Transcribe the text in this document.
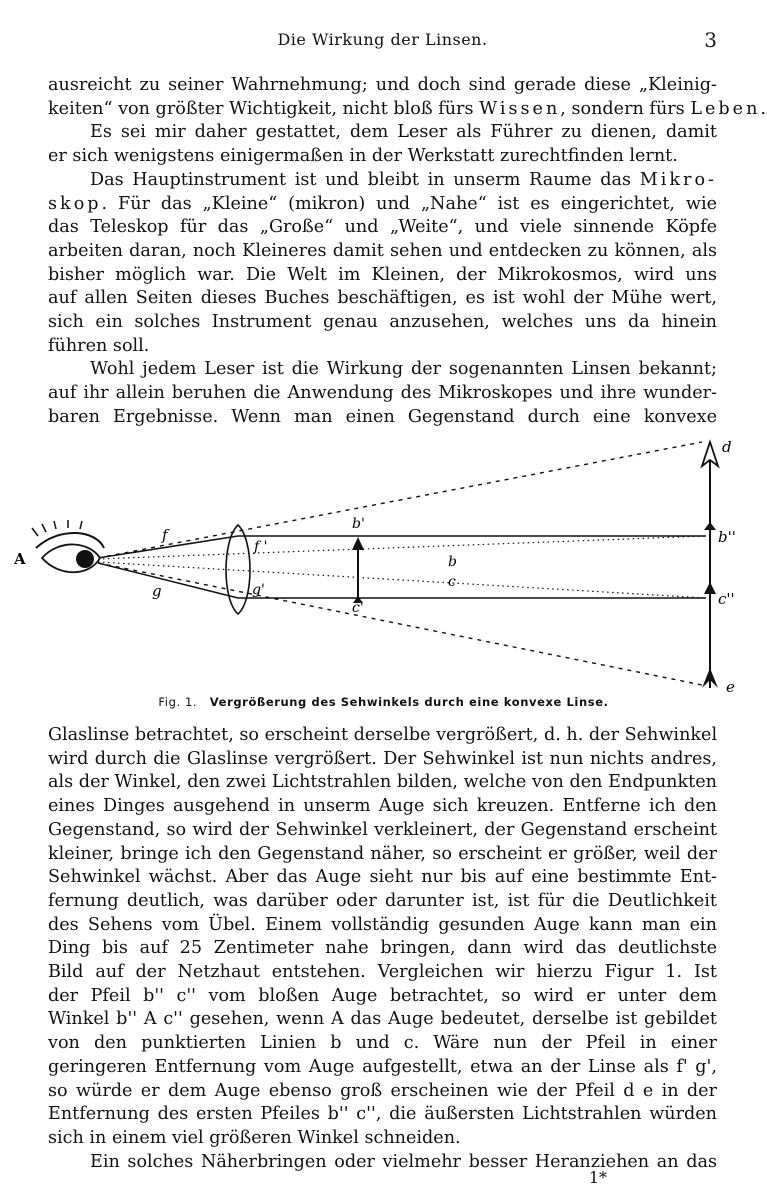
Die Wirkung der Linsen.	3

ausreicht zu seiner Wahrnehmung; und doch sind gerade diese „Kleinig-
keiten“ von größter Wichtigkeit, nicht bloß fürs Wissen, sondern fürs Leben.

Es sei mir daher gestattet, dem Leser als Führer zu dienen, damit
er sich wenigstens einigermaßen in der Werkstatt zurechtfinden lernt.

Das Hauptinstrument ist und bleibt in unserm Raume das Mikro-
skop. Für das „Kleine“ (mikron) und „Nahe“ ist es eingerichtet, wie
das Teleskop für das „Große“ und „Weite“, und viele sinnende Köpfe
arbeiten daran, noch Kleineres damit sehen und entdecken zu können, als
bisher möglich war. Die Welt im Kleinen, der Mikrokosmos, wird uns
auf allen Seiten dieses Buches beschäftigen, es ist wohl der Mühe wert,
sich ein solches Instrument genau anzusehen, welches uns da hinein
führen soll.

Wohl jedem Leser ist die Wirkung der sogenannten Linsen bekannt;
auf ihr allein beruhen die Anwendung des Mikroskopes und ihre wunder-
baren Ergebnisse. Wenn man einen Gegenstand durch eine konvexe

A
f
g
f '
g'
b'
c'
b
c
b''
c''
d
e
Fig. 1. Vergrößerung des Sehwinkels durch eine konvexe Linse.

Glaslinse betrachtet, so erscheint derselbe vergrößert, d. h. der Sehwinkel
wird durch die Glaslinse vergrößert. Der Sehwinkel ist nun nichts andres,
als der Winkel, den zwei Lichtstrahlen bilden, welche von den Endpunkten
eines Dinges ausgehend in unserm Auge sich kreuzen. Entferne ich den
Gegenstand, so wird der Sehwinkel verkleinert, der Gegenstand erscheint
kleiner, bringe ich den Gegenstand näher, so erscheint er größer, weil der
Sehwinkel wächst. Aber das Auge sieht nur bis auf eine bestimmte Ent-
fernung deutlich, was darüber oder darunter ist, ist für die Deutlichkeit
des Sehens vom Übel. Einem vollständig gesunden Auge kann man ein
Ding bis auf 25 Zentimeter nahe bringen, dann wird das deutlichste
Bild auf der Netzhaut entstehen. Vergleichen wir hierzu Figur 1. Ist
der Pfeil b'' c'' vom bloßen Auge betrachtet, so wird er unter dem
Winkel b'' A c'' gesehen, wenn A das Auge bedeutet, derselbe ist gebildet
von den punktierten Linien b und c. Wäre nun der Pfeil in einer
geringeren Entfernung vom Auge aufgestellt, etwa an der Linse als f' g',
so würde er dem Auge ebenso groß erscheinen wie der Pfeil d e in der
Entfernung des ersten Pfeiles b'' c'', die äußersten Lichtstrahlen würden
sich in einem viel größeren Winkel schneiden.

Ein solches Näherbringen oder vielmehr besser Heranziehen an das

1*
